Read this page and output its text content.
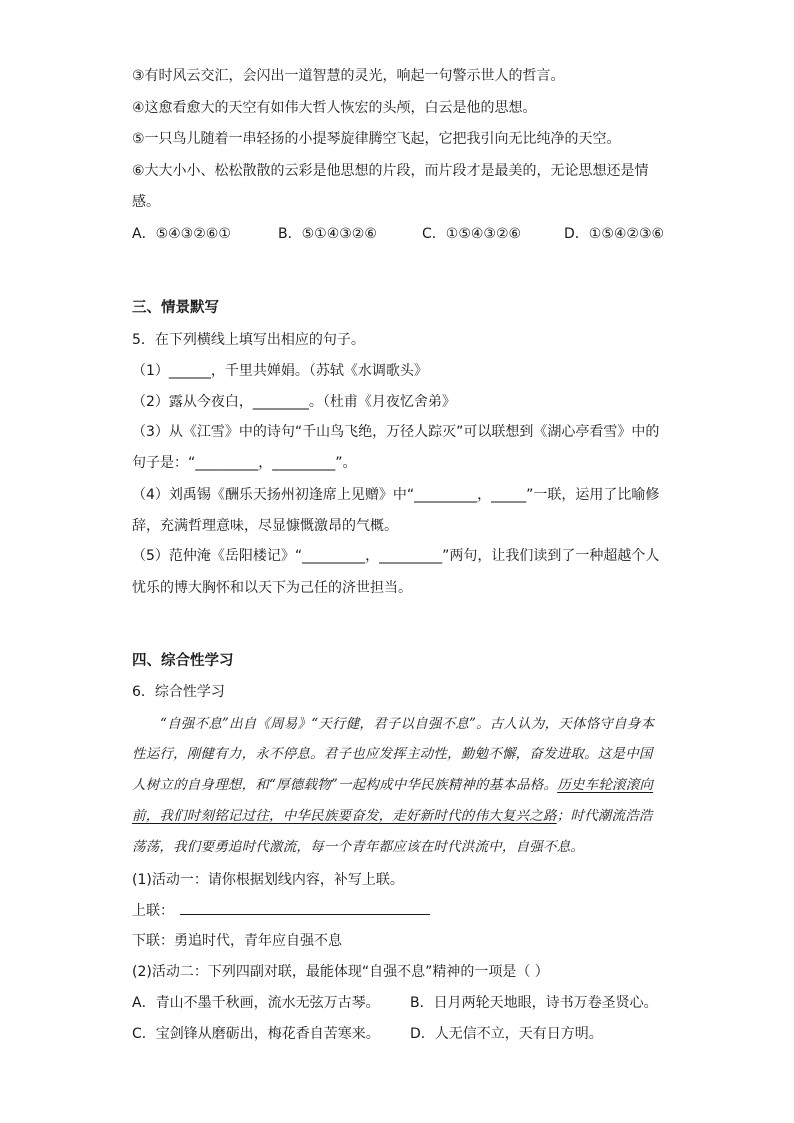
③有时风云交汇，会闪出一道智慧的灵光，响起一句警示世人的哲言。
④这愈看愈大的天空有如伟大哲人恢宏的头颅，白云是他的思想。
⑤一只鸟儿随着一串轻扬的小提琴旋律腾空飞起，它把我引向无比纯净的天空。
⑥大大小小、松松散散的云彩是他思想的片段，而片段才是最美的，无论思想还是情
感。
A．⑤④③②⑥①	B．⑤①④③②⑥	C．①⑤④③②⑥	D．①⑤④②③⑥
三、情景默写
5．在下列横线上填写出相应的句子。
（1）______，千里共婵娟。（苏轼《水调歌头》
（2）露从今夜白，________。（杜甫《月夜忆舍弟》
（3）从《江雪》中的诗句“千山鸟飞绝，万径人踪灭”可以联想到《湖心亭看雪》中的
句子是：“_________，_________”。
（4）刘禹锡《酬乐天扬州初逢席上见赠》中“_________，_____”一联，运用了比喻修
辞，充满哲理意味，尽显慷慨激昂的气概。
（5）范仲淹《岳阳楼记》“_________，_________”两句，让我们读到了一种超越个人
忧乐的博大胸怀和以天下为己任的济世担当。
四、综合性学习
6．综合性学习
“自强不息”出自《周易》“天行健，君子以自强不息”。古人认为，天体恪守自身本
性运行，刚健有力，永不停息。君子也应发挥主动性，勤勉不懈，奋发进取。这是中国
人树立的自身理想，和“厚德载物”一起构成中华民族精神的基本品格。历史车轮滚滚向
前，我们时刻铭记过往，中华民族要奋发，走好新时代的伟大复兴之路；时代潮流浩浩
荡荡，我们要勇追时代激流，每一个青年都应该在时代洪流中，自强不息。
(1)活动一：请你根据划线内容，补写上联。
上联：
下联：勇追时代，青年应自强不息
(2)活动二：下列四副对联，最能体现“自强不息”精神的一项是（ ）
A．青山不墨千秋画，流水无弦万古琴。 B．日月两轮天地眼，诗书万卷圣贤心。
C．宝剑锋从磨砺出，梅花香自苦寒来。 D．人无信不立，天有日方明。
